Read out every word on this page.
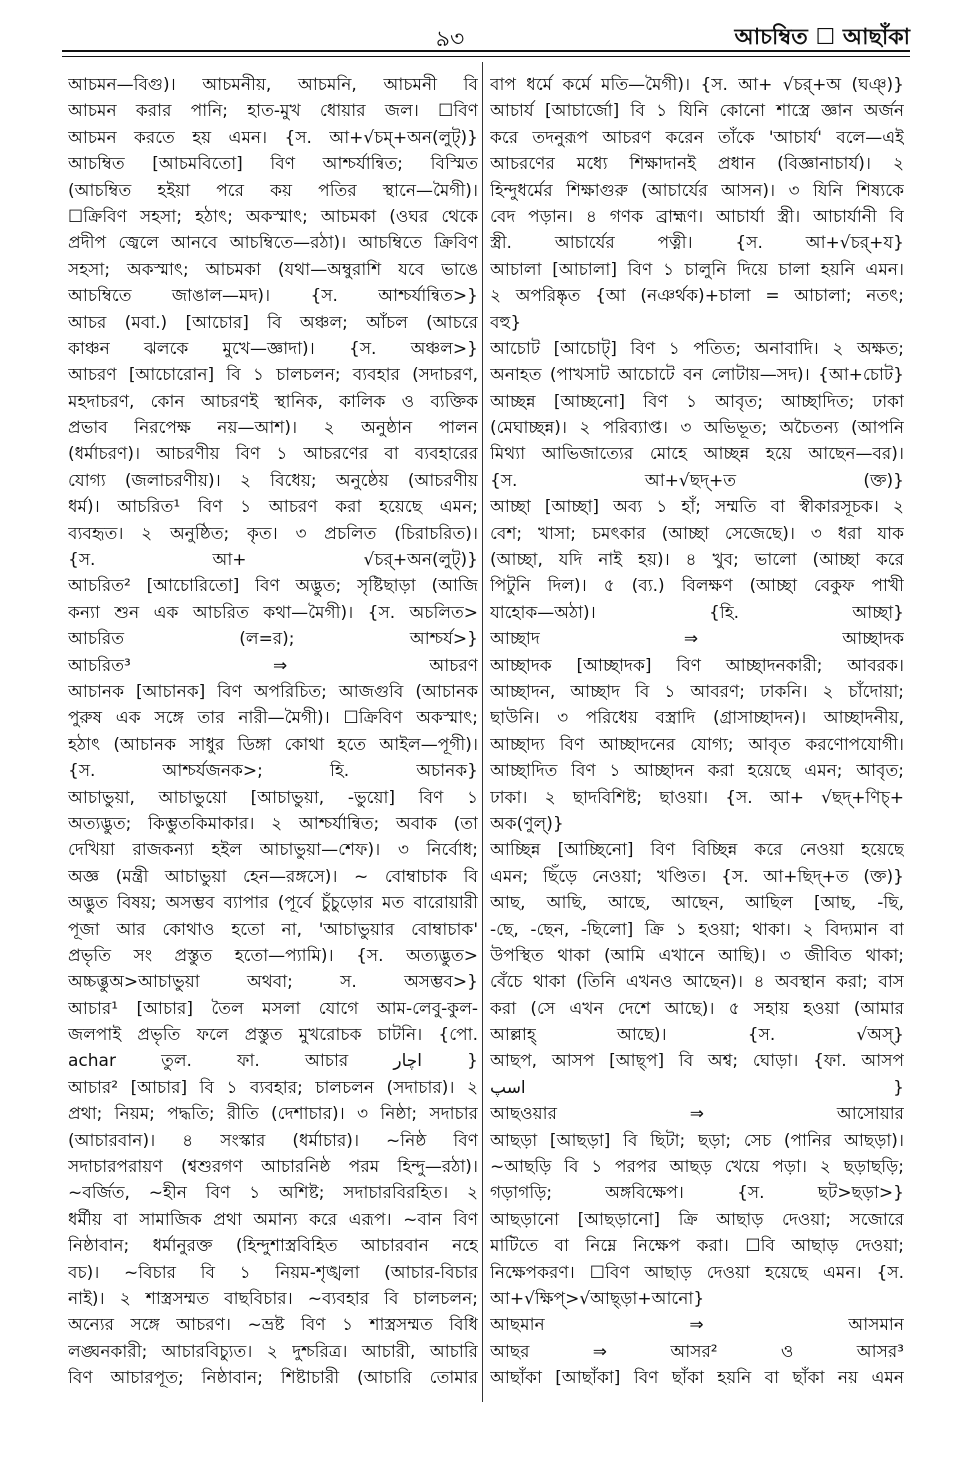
৯৩	আচম্বিত ☐ আছাঁকা
আচমন—বিগু)। আচমনীয়, আচমনি, আচমনী বি
আচমন করার পানি; হাত-মুখ ধোয়ার জল। ☐বিণ
আচমন করতে হয় এমন। {স. আ+√চম্+অন(লুট্)}
আচম্বিত [আচমবিতো] বিণ আশ্চর্যান্বিত; বিস্মিত
(আচম্বিত হইয়া পরে কয় পতির স্থানে—মৈগী)।
☐ক্রিবিণ সহসা; হঠাৎ; অকস্মাৎ; আচমকা (ওঘর থেকে
প্রদীপ জ্বেলে আনবে আচম্বিতে—রঠা)। আচম্বিতে ক্রিবিণ
সহসা; অকস্মাৎ; আচমকা (যথা—অম্বুরাশি যবে ভাঙে
আচম্বিতে জাঙাল—মদ)। {স. আশ্চর্যান্বিত>}
আচর (মবা.) [আচোর] বি অঞ্চল; আঁচল (আচরে
কাঞ্চন ঝলকে মুখে—জ্ঞাদা)। {স. অঞ্চল>}
আচরণ [আচোরোন] বি ১ চালচলন; ব্যবহার (সদাচরণ,
মহদাচরণ, কোন আচরণই স্থানিক, কালিক ও ব্যক্তিক
প্রভাব নিরপেক্ষ নয়—আশ)। ২ অনুষ্ঠান পালন
(ধর্মাচরণ)। আচরণীয় বিণ ১ আচরণের বা ব্যবহারের
যোগ্য (জলাচরণীয়)। ২ বিধেয়; অনুষ্ঠেয় (আচরণীয়
ধর্ম)। আচরিত¹ বিণ ১ আচরণ করা হয়েছে এমন;
ব্যবহৃত। ২ অনুষ্ঠিত; কৃত। ৩ প্রচলিত (চিরাচরিত)।
{স. আ+ √চর্+অন(লুট্)}
আচরিত² [আচোরিতো] বিণ অদ্ভুত; সৃষ্টিছাড়া (আজি
কন্যা শুন এক আচরিত কথা—মৈগী)। {স. অচলিত>
আচরিত (ল=র); আশ্চর্য>}
আচরিত³ ⇒ আচরণ
আচানক [আচানক] বিণ অপরিচিত; আজগুবি (আচানক
পুরুষ এক সঙ্গে তার নারী—মৈগী)। ☐ক্রিবিণ অকস্মাৎ;
হঠাৎ (আচানক সাধুর ডিঙ্গা কোথা হতে আইল—পূগী)।
{স. আশ্চর্যজনক>; হি. অচানক}
আচাভুয়া, আচাভুয়ো [আচাভুয়া, -ভুয়ো] বিণ ১
অত্যদ্ভুত; কিম্ভুতকিমাকার। ২ আশ্চর্যান্বিত; অবাক (তা
দেখিয়া রাজকন্যা হইল আচাভুয়া—শেফ)। ৩ নির্বোধ;
অজ্ঞ (মন্ত্রী আচাভুয়া হেন—রঙ্গসে)। ~ বোম্বাচাক বি
অদ্ভুত বিষয়; অসম্ভব ব্যাপার (পূর্বে চুঁচুড়োর মত বারোয়ারী
পূজা আর কোথাও হতো না, 'আচাভুয়ার বোম্বাচাক'
প্রভৃতি সং প্রস্তুত হতো—প্যামি)। {স. অত্যদ্ভুত>
অচ্চব্ভুঅ>আচাভুয়া অথবা; স. অসম্ভব>}
আচার¹ [আচার] তৈল মসলা যোগে আম-লেবু-কুল-
জলপাই প্রভৃতি ফলে প্রস্তুত মুখরোচক চাটনি। {পো.
achar তুল. ফা. আচার اچار }
আচার² [আচার] বি ১ ব্যবহার; চালচলন (সদাচার)। ২
প্রথা; নিয়ম; পদ্ধতি; রীতি (দেশাচার)। ৩ নিষ্ঠা; সদাচার
(আচারবান)। ৪ সংস্কার (ধর্মাচার)। ~নিষ্ঠ বিণ
সদাচারপরায়ণ (শ্বশুরগণ আচারনিষ্ঠ পরম হিন্দু—রঠা)।
~বর্জিত, ~হীন বিণ ১ অশিষ্ট; সদাচারবিরহিত। ২
ধর্মীয় বা সামাজিক প্রথা অমান্য করে এরূপ। ~বান বিণ
নিষ্ঠাবান; ধর্মানুরক্ত (হিন্দুশাস্ত্রবিহিত আচারবান নহে
বচ)। ~বিচার বি ১ নিয়ম-শৃঙ্খলা (আচার-বিচার
নাই)। ২ শাস্ত্রসম্মত বাছবিচার। ~ব্যবহার বি চালচলন;
অন্যের সঙ্গে আচরণ। ~ভ্রষ্ট বিণ ১ শাস্ত্রসম্মত বিধি
লঙ্ঘনকারী; আচারবিচ্যুত। ২ দুশ্চরিত্র। আচারী, আচারি
বিণ আচারপূত; নিষ্ঠাবান; শিষ্টাচারী (আচারি তোমার
বাপ ধর্মে কর্মে মতি—মৈগী)। {স. আ+ √চর্+অ (ঘঞ্)}
আচার্য [আচার্জো] বি ১ যিনি কোনো শাস্ত্রে জ্ঞান অর্জন
করে তদনুরূপ আচরণ করেন তাঁকে 'আচার্য' বলে—এই
আচরণের মধ্যে শিক্ষাদানই প্রধান (বিজ্ঞানাচার্য)। ২
হিন্দুধর্মের শিক্ষাগুরু (আচার্যের আসন)। ৩ যিনি শিষ্যকে
বেদ পড়ান। ৪ গণক ব্রাহ্মণ। আচার্যা স্ত্রী। আচার্যানী বি
স্ত্রী. আচার্যের পত্নী। {স. আ+√চর্+য}
আচালা [আচালা] বিণ ১ চালুনি দিয়ে চালা হয়নি এমন।
২ অপরিষ্কৃত {আ (নঞর্থক)+চালা = আচালা; নতৎ;
বহু}
আচোট [আচোট্] বিণ ১ পতিত; অনাবাদি। ২ অক্ষত;
অনাহত (পাখসাট আচোটে বন লোটায়—সদ)। {আ+চোট}
আচ্ছন্ন [আচ্ছনো] বিণ ১ আবৃত; আচ্ছাদিত; ঢাকা
(মেঘাচ্ছন্ন)। ২ পরিব্যাপ্ত। ৩ অভিভূত; অচৈতন্য (আপনি
মিথ্যা আভিজাত্যের মোহে আচ্ছন্ন হয়ে আছেন—বর)।
{স. আ+√ছদ্+ত (ক্ত)}
আচ্ছা [আচ্ছা] অব্য ১ হাঁ; সম্মতি বা স্বীকারসূচক। ২
বেশ; খাসা; চমৎকার (আচ্ছা সেজেছে)। ৩ ধরা যাক
(আচ্ছা, যদি নাই হয়)। ৪ খুব; ভালো (আচ্ছা করে
পিটুনি দিল)। ৫ (ব্য.) বিলক্ষণ (আচ্ছা বেকুফ পাখী
যাহোক—অঠা)। {হি. আচ্ছা}
আচ্ছাদ ⇒ আচ্ছাদক
আচ্ছাদক [আচ্ছাদক] বিণ আচ্ছাদনকারী; আবরক।
আচ্ছাদন, আচ্ছাদ বি ১ আবরণ; ঢাকনি। ২ চাঁদোয়া;
ছাউনি। ৩ পরিধেয় বস্ত্রাদি (গ্রাসাচ্ছাদন)। আচ্ছাদনীয়,
আচ্ছাদ্য বিণ আচ্ছাদনের যোগ্য; আবৃত করণোপযোগী।
আচ্ছাদিত বিণ ১ আচ্ছাদন করা হয়েছে এমন; আবৃত;
ঢাকা। ২ ছাদবিশিষ্ট; ছাওয়া। {স. আ+ √ছদ্+ণিচ্+
অক(ণুল্)}
আচ্ছিন্ন [আচ্ছিনো] বিণ বিচ্ছিন্ন করে নেওয়া হয়েছে
এমন; ছিঁড়ে নেওয়া; খণ্ডিত। {স. আ+ছিদ্+ত (ক্ত)}
আছ, আছি, আছে, আছেন, আছিল [আছ, -ছি,
-ছে, -ছেন, -ছিলো] ক্রি ১ হওয়া; থাকা। ২ বিদ্যমান বা
উপস্থিত থাকা (আমি এখানে আছি)। ৩ জীবিত থাকা;
বেঁচে থাকা (তিনি এখনও আছেন)। ৪ অবস্থান করা; বাস
করা (সে এখন দেশে আছে)। ৫ সহায় হওয়া (আমার
আল্লাহ্ আছে)। {স. √অস্}
আছপ, আসপ [আছ্প] বি অশ্ব; ঘোড়া। {ফা. আসপ
اسپ }
আছওয়ার ⇒ আসোয়ার
আছড়া [আছড়া] বি ছিটা; ছড়া; সেচ (পানির আছড়া)।
~আছড়ি বি ১ পরপর আছড় খেয়ে পড়া। ২ ছড়াছড়ি;
গড়াগড়ি; অঙ্গবিক্ষেপ। {স. ছট>ছড়া>}
আছড়ানো [আছড়ানো] ক্রি আছাড় দেওয়া; সজোরে
মাটিতে বা নিম্নে নিক্ষেপ করা। ☐বি আছাড় দেওয়া;
নিক্ষেপকরণ। ☐বিণ আছাড় দেওয়া হয়েছে এমন। {স.
আ+√ক্ষিপ্>√আছ্ড়া+আনো}
আছমান ⇒ আসমান
আছর ⇒ আসর² ও আসর³
আছাঁকা [আছাঁকা] বিণ ছাঁকা হয়নি বা ছাঁকা নয় এমন
